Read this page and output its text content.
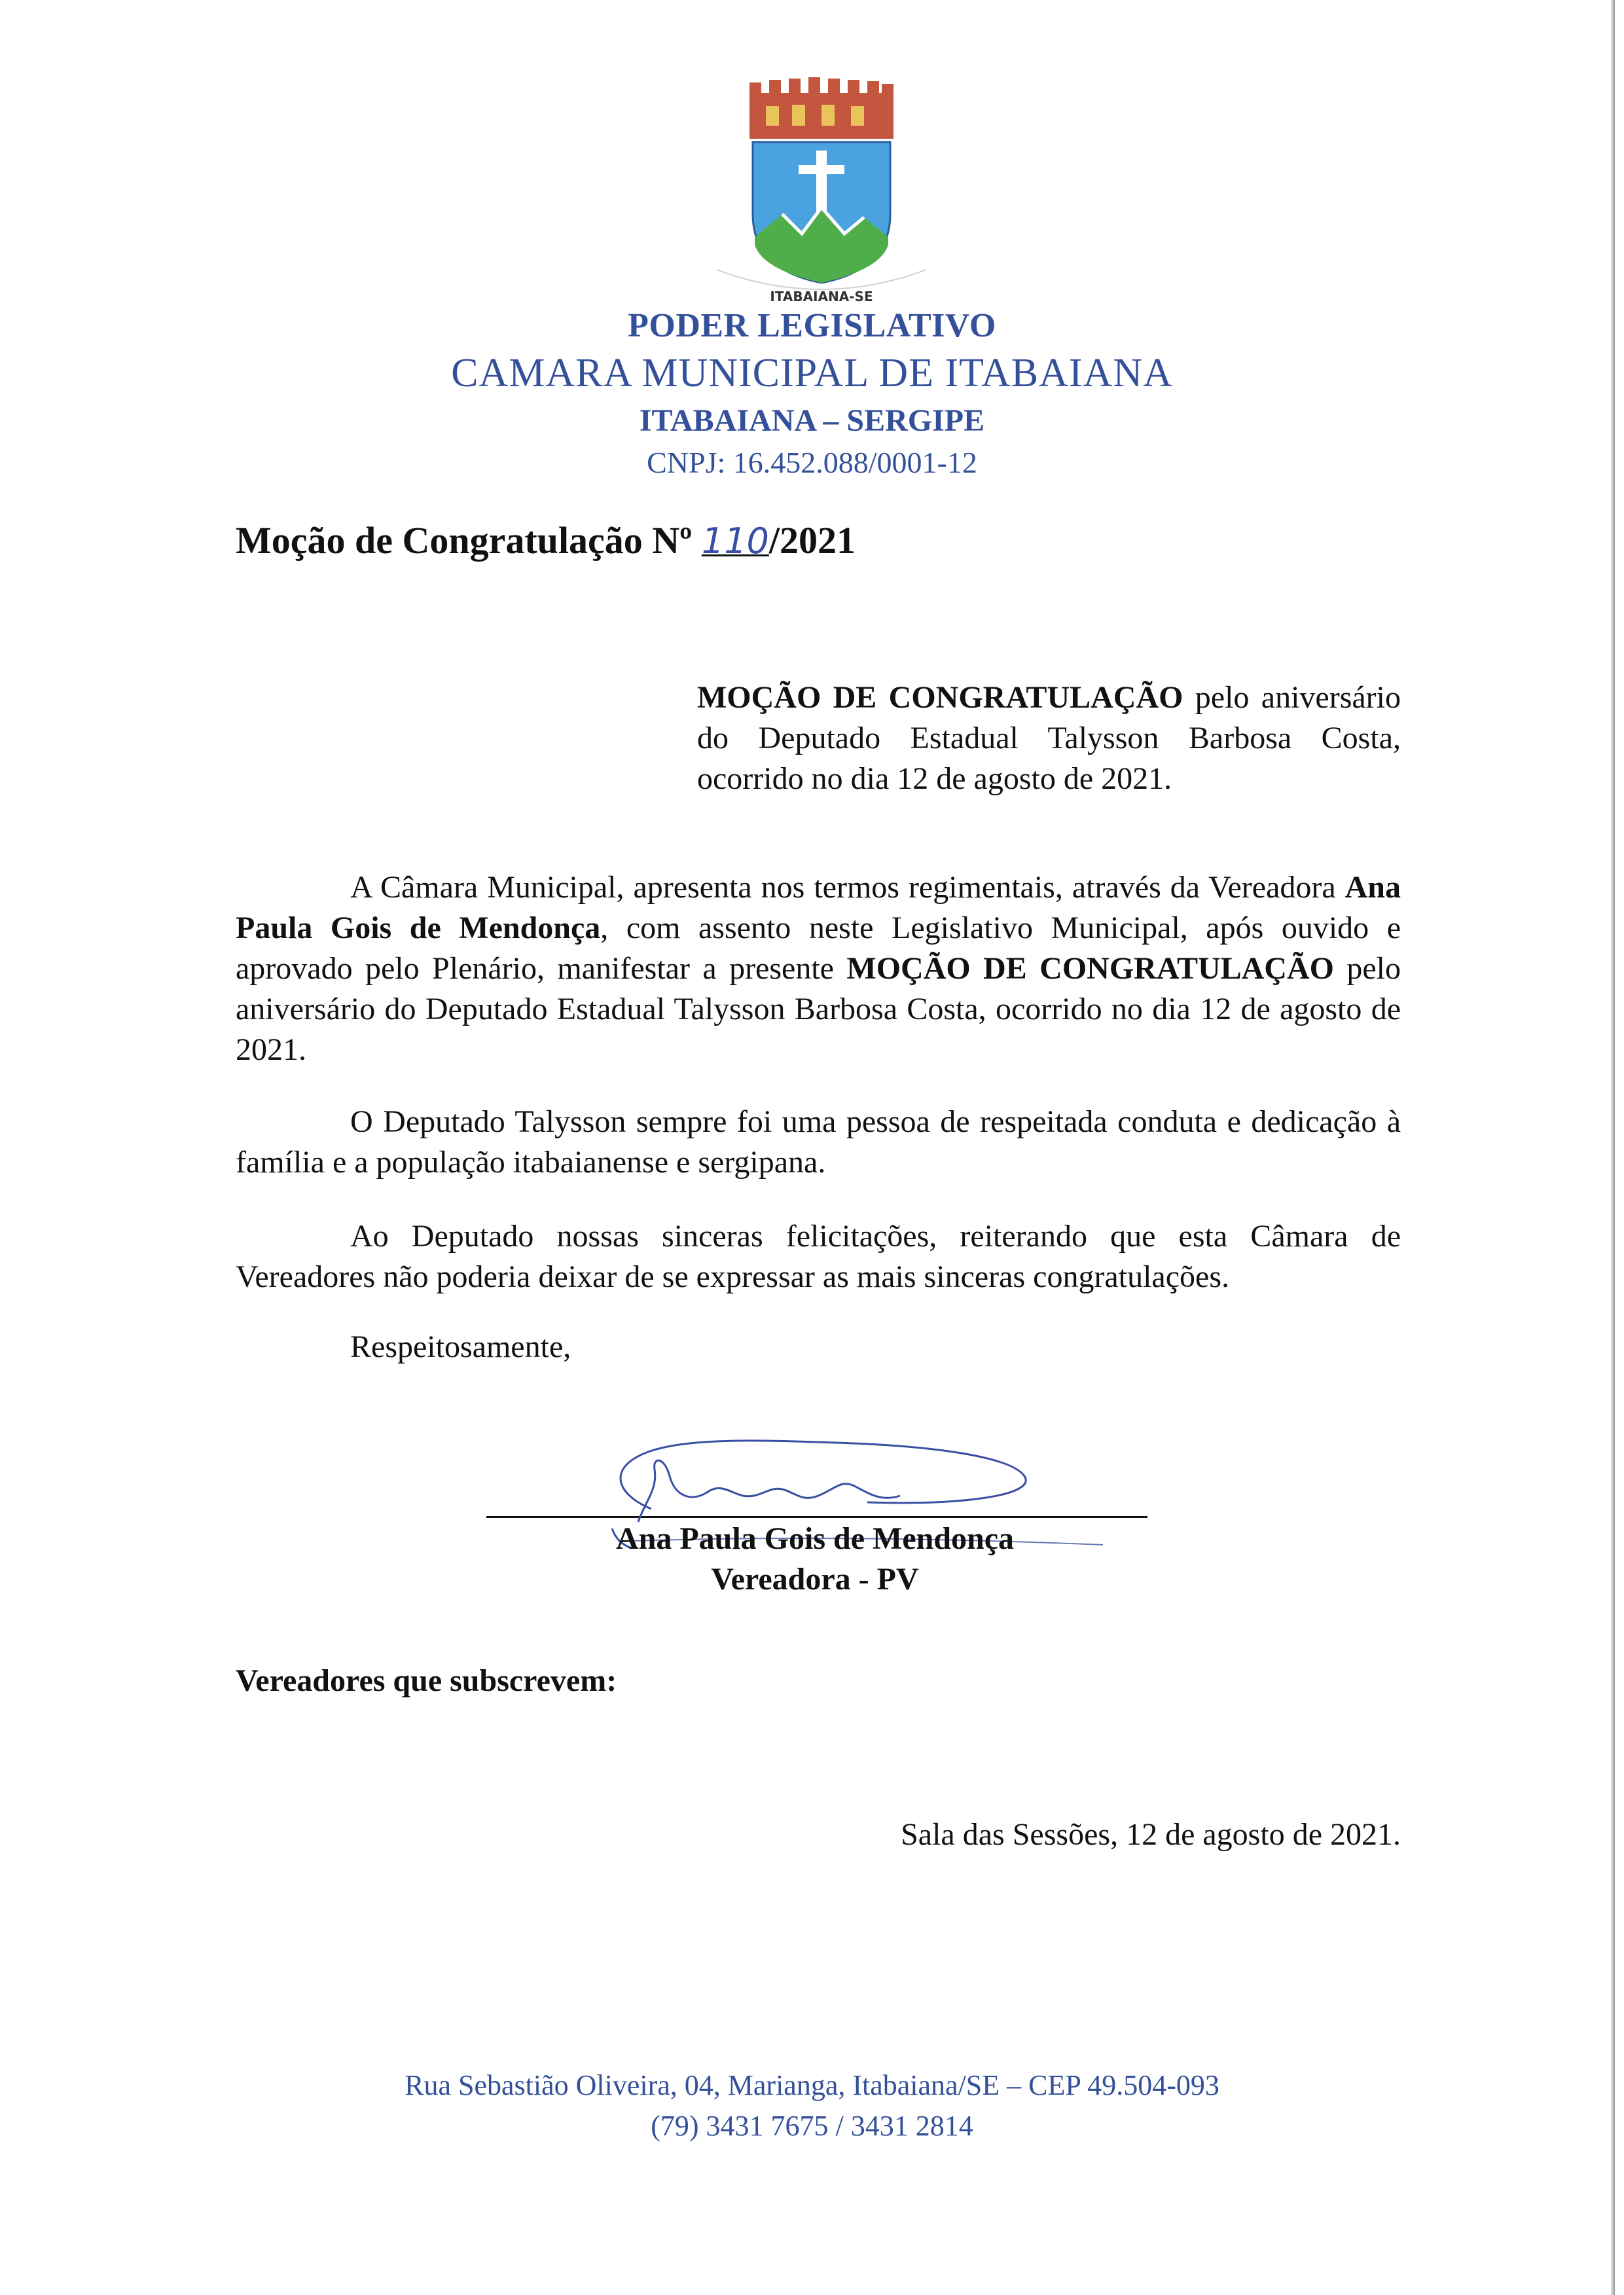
ITABAIANA-SE
PODER LEGISLATIVO
CAMARA MUNICIPAL DE ITABAIANA
ITABAIANA – SERGIPE
CNPJ: 16.452.088/0001-12
Moção de Congratulação Nº 110/2021
MOÇÃO DE CONGRATULAÇÃO pelo aniversário do Deputado Estadual Talysson Barbosa Costa, ocorrido no dia 12 de agosto de 2021.
A Câmara Municipal, apresenta nos termos regimentais, através da Vereadora Ana Paula Gois de Mendonça, com assento neste Legislativo Municipal, após ouvido e aprovado pelo Plenário, manifestar a presente MOÇÃO DE CONGRATULAÇÃO pelo aniversário do Deputado Estadual Talysson Barbosa Costa, ocorrido no dia 12 de agosto de 2021.
O Deputado Talysson sempre foi uma pessoa de respeitada conduta e dedicação à família e a população itabaianense e sergipana.
Ao Deputado nossas sinceras felicitações, reiterando que esta Câmara de Vereadores não poderia deixar de se expressar as mais sinceras congratulações.
Respeitosamente,
Ana Paula Gois de Mendonça
Vereadora - PV
Vereadores que subscrevem:
Sala das Sessões, 12 de agosto de 2021.
Rua Sebastião Oliveira, 04, Marianga, Itabaiana/SE – CEP 49.504-093
(79) 3431 7675 / 3431 2814
